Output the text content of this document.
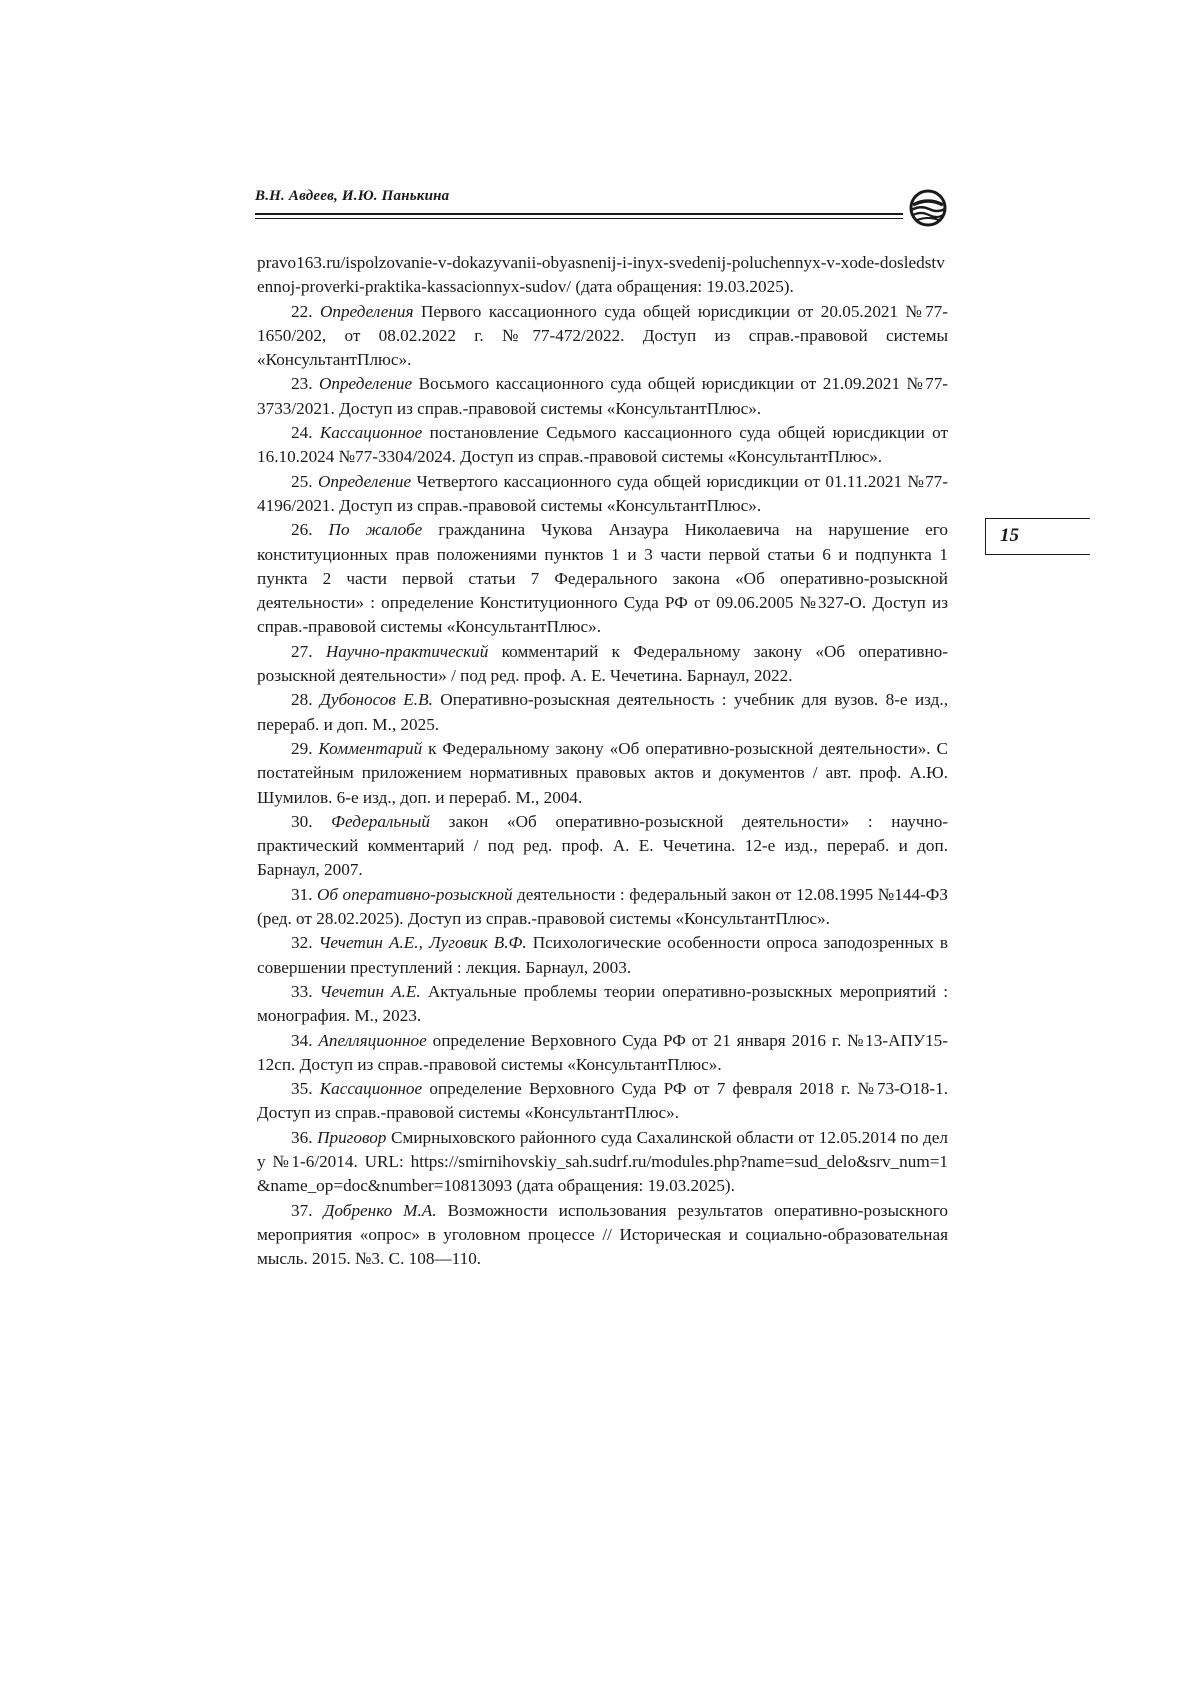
В.Н. Авдеев, И.Ю. Панькина
15

pravo163.ru/ispolzovanie-v-dokazyvanii-obyasnenij-i-inyx-svedenij-poluchennyx-v-xode-dosledstvennoj-proverki-praktika-kassacionnyx-sudov/ (дата обращения: 19.03.2025).

22. Определения Первого кассационного суда общей юрисдикции от 20.05.2021 №77-1650/202, от 08.02.2022 г. №77-472/2022. Доступ из справ.-правовой системы «КонсультантПлюс».

23. Определение Восьмого кассационного суда общей юрисдикции от 21.09.2021 №77-3733/2021. Доступ из справ.-правовой системы «КонсультантПлюс».

24. Кассационное постановление Седьмого кассационного суда общей юрисдикции от 16.10.2024 №77-3304/2024. Доступ из справ.-правовой системы «КонсультантПлюс».

25. Определение Четвертого кассационного суда общей юрисдикции от 01.11.2021 №77-4196/2021. Доступ из справ.-правовой системы «КонсультантПлюс».

26. По жалобе гражданина Чукова Анзаура Николаевича на нарушение его конституционных прав положениями пунктов 1 и 3 части первой статьи 6 и подпункта 1 пункта 2 части первой статьи 7 Федерального закона «Об оперативно-розыскной деятельности» : определение Конституционного Суда РФ от 09.06.2005 №327-О. Доступ из справ.-правовой системы «КонсультантПлюс».

27. Научно-практический комментарий к Федеральному закону «Об оперативно-розыскной деятельности» / под ред. проф. А. Е. Чечетина. Барнаул, 2022.

28. Дубоносов Е.В. Оперативно-розыскная деятельность : учебник для вузов. 8-е изд., перераб. и доп. М., 2025.

29. Комментарий к Федеральному закону «Об оперативно-розыскной деятельности». С постатейным приложением нормативных правовых актов и документов / авт. проф. А.Ю. Шумилов. 6-е изд., доп. и перераб. М., 2004.

30. Федеральный закон «Об оперативно-розыскной деятельности» : научно-практический комментарий / под ред. проф. А. Е. Чечетина. 12-е изд., перераб. и доп. Барнаул, 2007.

31. Об оперативно-розыскной деятельности : федеральный закон от 12.08.1995 №144-ФЗ (ред. от 28.02.2025). Доступ из справ.-правовой системы «КонсультантПлюс».

32. Чечетин А.Е., Луговик В.Ф. Психологические особенности опроса заподозренных в совершении преступлений : лекция. Барнаул, 2003.

33. Чечетин А.Е. Актуальные проблемы теории оперативно-розыскных мероприятий : монография. М., 2023.

34. Апелляционное определение Верховного Суда РФ от 21 января 2016 г. №13-АПУ15-12сп. Доступ из справ.-правовой системы «КонсультантПлюс».

35. Кассационное определение Верховного Суда РФ от 7 февраля 2018 г. №73-О18-1. Доступ из справ.-правовой системы «КонсультантПлюс».

36. Приговор Смирныховского районного суда Сахалинской области от 12.05.2014 по делу №1-6/2014. URL: https://smirnihovskiy_sah.sudrf.ru/modules.php?name=sud_delo&srv_num=1&name_op=doc&number=10813093 (дата обращения: 19.03.2025).

37. Добренко М.А. Возможности использования результатов оперативно-розыскного мероприятия «опрос» в уголовном процессе // Историческая и социально-образовательная мысль. 2015. №3. С. 108—110.
